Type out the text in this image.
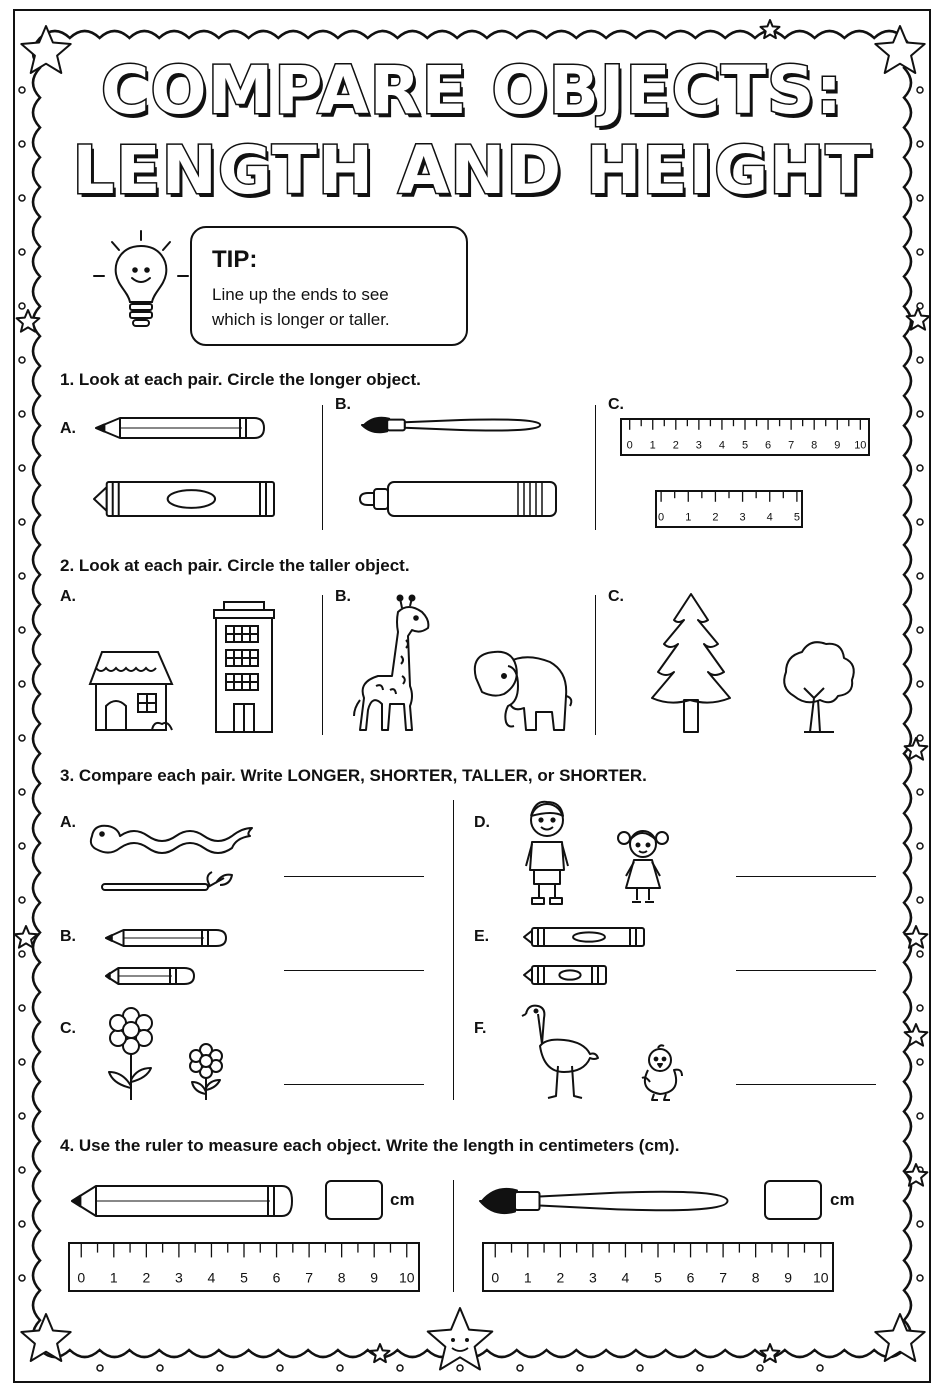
COMPARE OBJECTS:
LENGTH AND HEIGHT
TIP:
Line up the ends to see
which is longer or taller.
1. Look at each pair. Circle the longer object.
A.
B.	C.
0 1 2 3 4 5 6 7 8 9 10
0 1 2 3 4 5
2. Look at each pair. Circle the taller object.
A.	B.	C.
3. Compare each pair. Write LONGER, SHORTER, TALLER, or SHORTER.
A.	D.
B.	E.
C.	F.
4. Use the ruler to measure each object. Write the length in centimeters (cm).
cm
0 1 2 3 4 5 6 7 8 9 10
cm
0 1 2 3 4 5 6 7 8 9 10
